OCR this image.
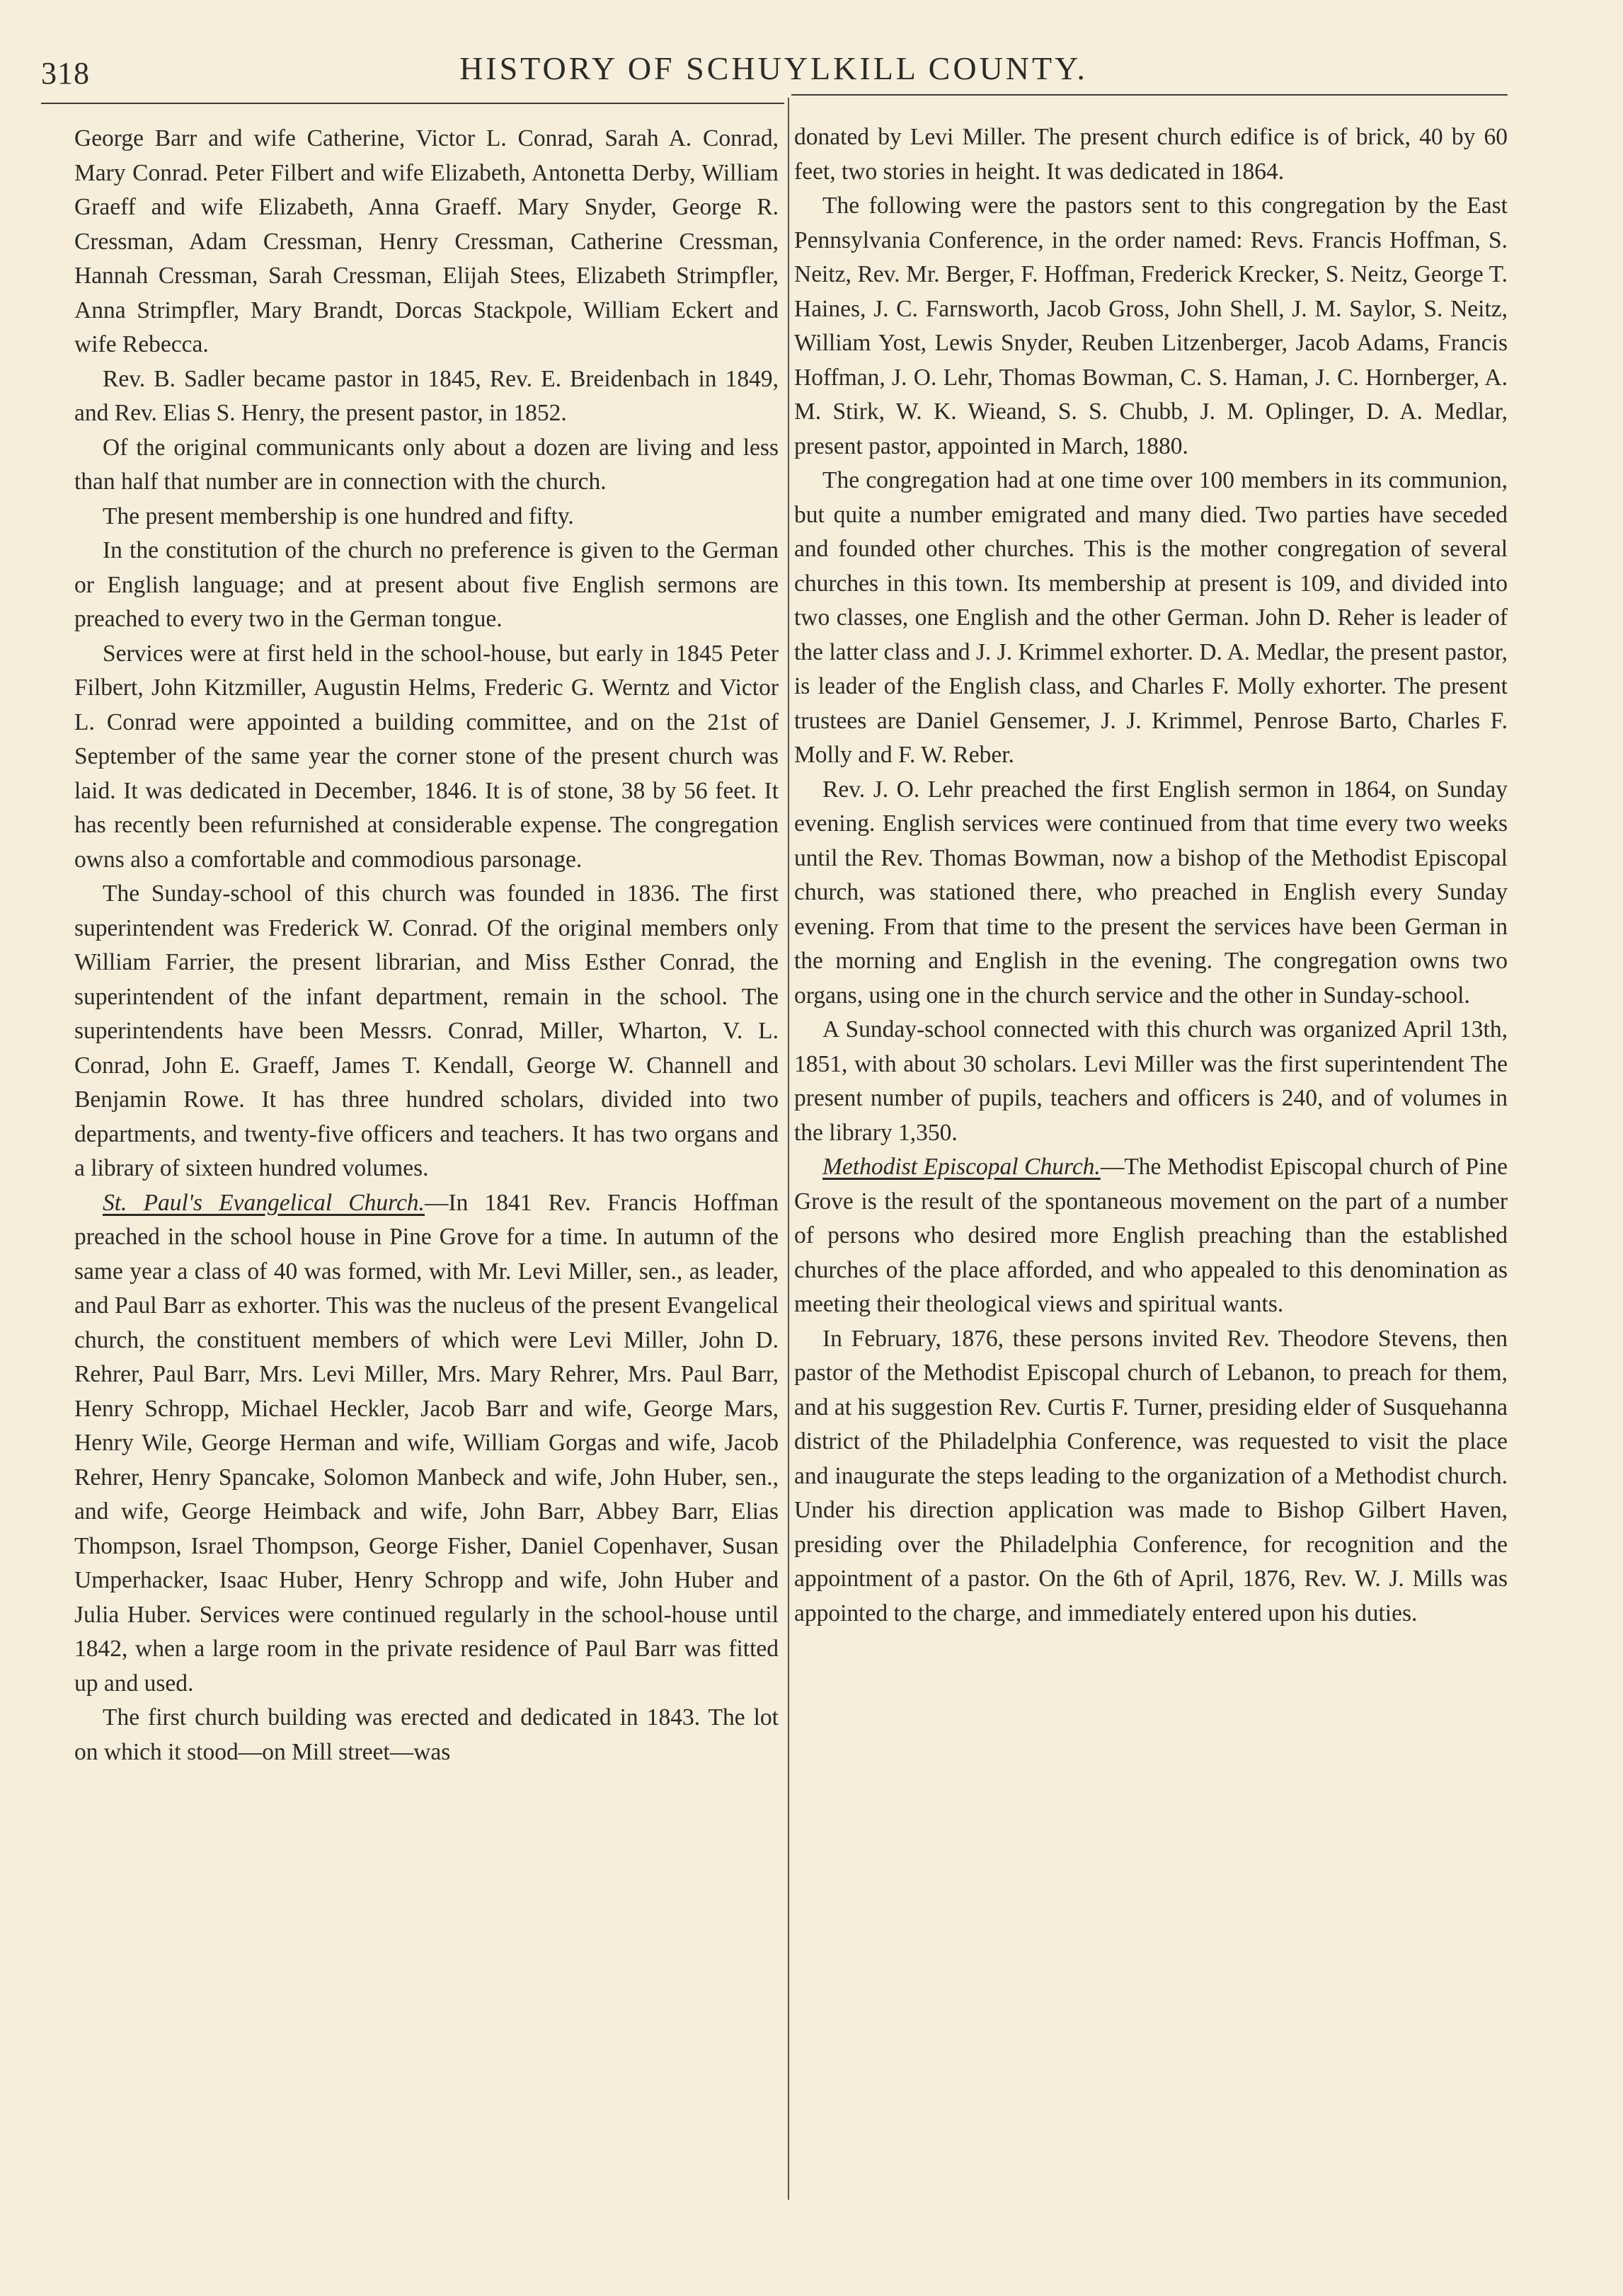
318	HISTORY OF SCHUYLKILL COUNTY.

George Barr and wife Catherine, Victor L. Conrad, Sarah A. Conrad, Mary Conrad. Peter Filbert and wife Elizabeth, Antonetta Derby, William Graeff and wife Elizabeth, Anna Graeff. Mary Snyder, George R. Cressman, Adam Cressman, Henry Cressman, Catherine Cressman, Hannah Cressman, Sarah Cressman, Elijah Stees, Elizabeth Strimpfler, Anna Strimpfler, Mary Brandt, Dorcas Stackpole, William Eckert and wife Rebecca.

Rev. B. Sadler became pastor in 1845, Rev. E. Breidenbach in 1849, and Rev. Elias S. Henry, the present pastor, in 1852.

Of the original communicants only about a dozen are living and less than half that number are in connection with the church.

The present membership is one hundred and fifty.

In the constitution of the church no preference is given to the German or English language; and at present about five English sermons are preached to every two in the German tongue.

Services were at first held in the school-house, but early in 1845 Peter Filbert, John Kitzmiller, Augustin Helms, Frederic G. Werntz and Victor L. Conrad were appointed a building committee, and on the 21st of September of the same year the corner stone of the present church was laid. It was dedicated in December, 1846. It is of stone, 38 by 56 feet. It has recently been refurnished at considerable expense. The congregation owns also a comfortable and commodious parsonage.

The Sunday-school of this church was founded in 1836. The first superintendent was Frederick W. Conrad. Of the original members only William Farrier, the present librarian, and Miss Esther Conrad, the superintendent of the infant department, remain in the school. The superintendents have been Messrs. Conrad, Miller, Wharton, V. L. Conrad, John E. Graeff, James T. Kendall, George W. Channell and Benjamin Rowe. It has three hundred scholars, divided into two departments, and twenty-five officers and teachers. It has two organs and a library of sixteen hundred volumes.

St. Paul's Evangelical Church.—In 1841 Rev. Francis Hoffman preached in the school house in Pine Grove for a time. In autumn of the same year a class of 40 was formed, with Mr. Levi Miller, sen., as leader, and Paul Barr as exhorter. This was the nucleus of the present Evangelical church, the constituent members of which were Levi Miller, John D. Rehrer, Paul Barr, Mrs. Levi Miller, Mrs. Mary Rehrer, Mrs. Paul Barr, Henry Schropp, Michael Heckler, Jacob Barr and wife, George Mars, Henry Wile, George Herman and wife, William Gorgas and wife, Jacob Rehrer, Henry Spancake, Solomon Manbeck and wife, John Huber, sen., and wife, George Heimback and wife, John Barr, Abbey Barr, Elias Thompson, Israel Thompson, George Fisher, Daniel Copenhaver, Susan Umperhacker, Isaac Huber, Henry Schropp and wife, John Huber and Julia Huber. Services were continued regularly in the school-house until 1842, when a large room in the private residence of Paul Barr was fitted up and used.

The first church building was erected and dedicated in 1843. The lot on which it stood—on Mill street—was

donated by Levi Miller. The present church edifice is of brick, 40 by 60 feet, two stories in height. It was dedicated in 1864.

The following were the pastors sent to this congregation by the East Pennsylvania Conference, in the order named: Revs. Francis Hoffman, S. Neitz, Rev. Mr. Berger, F. Hoffman, Frederick Krecker, S. Neitz, George T. Haines, J. C. Farnsworth, Jacob Gross, John Shell, J. M. Saylor, S. Neitz, William Yost, Lewis Snyder, Reuben Litzenberger, Jacob Adams, Francis Hoffman, J. O. Lehr, Thomas Bowman, C. S. Haman, J. C. Hornberger, A. M. Stirk, W. K. Wieand, S. S. Chubb, J. M. Oplinger, D. A. Medlar, present pastor, appointed in March, 1880.

The congregation had at one time over 100 members in its communion, but quite a number emigrated and many died. Two parties have seceded and founded other churches. This is the mother congregation of several churches in this town. Its membership at present is 109, and divided into two classes, one English and the other German. John D. Reher is leader of the latter class and J. J. Krimmel exhorter. D. A. Medlar, the present pastor, is leader of the English class, and Charles F. Molly exhorter. The present trustees are Daniel Gensemer, J. J. Krimmel, Penrose Barto, Charles F. Molly and F. W. Reber.

Rev. J. O. Lehr preached the first English sermon in 1864, on Sunday evening. English services were continued from that time every two weeks until the Rev. Thomas Bowman, now a bishop of the Methodist Episcopal church, was stationed there, who preached in English every Sunday evening. From that time to the present the services have been German in the morning and English in the evening. The congregation owns two organs, using one in the church service and the other in Sunday-school.

A Sunday-school connected with this church was organized April 13th, 1851, with about 30 scholars. Levi Miller was the first superintendent The present number of pupils, teachers and officers is 240, and of volumes in the library 1,350.

Methodist Episcopal Church.—The Methodist Episcopal church of Pine Grove is the result of the spontaneous movement on the part of a number of persons who desired more English preaching than the established churches of the place afforded, and who appealed to this denomination as meeting their theological views and spiritual wants.

In February, 1876, these persons invited Rev. Theodore Stevens, then pastor of the Methodist Episcopal church of Lebanon, to preach for them, and at his suggestion Rev. Curtis F. Turner, presiding elder of Susquehanna district of the Philadelphia Conference, was requested to visit the place and inaugurate the steps leading to the organization of a Methodist church. Under his direction application was made to Bishop Gilbert Haven, presiding over the Philadelphia Conference, for recognition and the appointment of a pastor. On the 6th of April, 1876, Rev. W. J. Mills was appointed to the charge, and immediately entered upon his duties.
